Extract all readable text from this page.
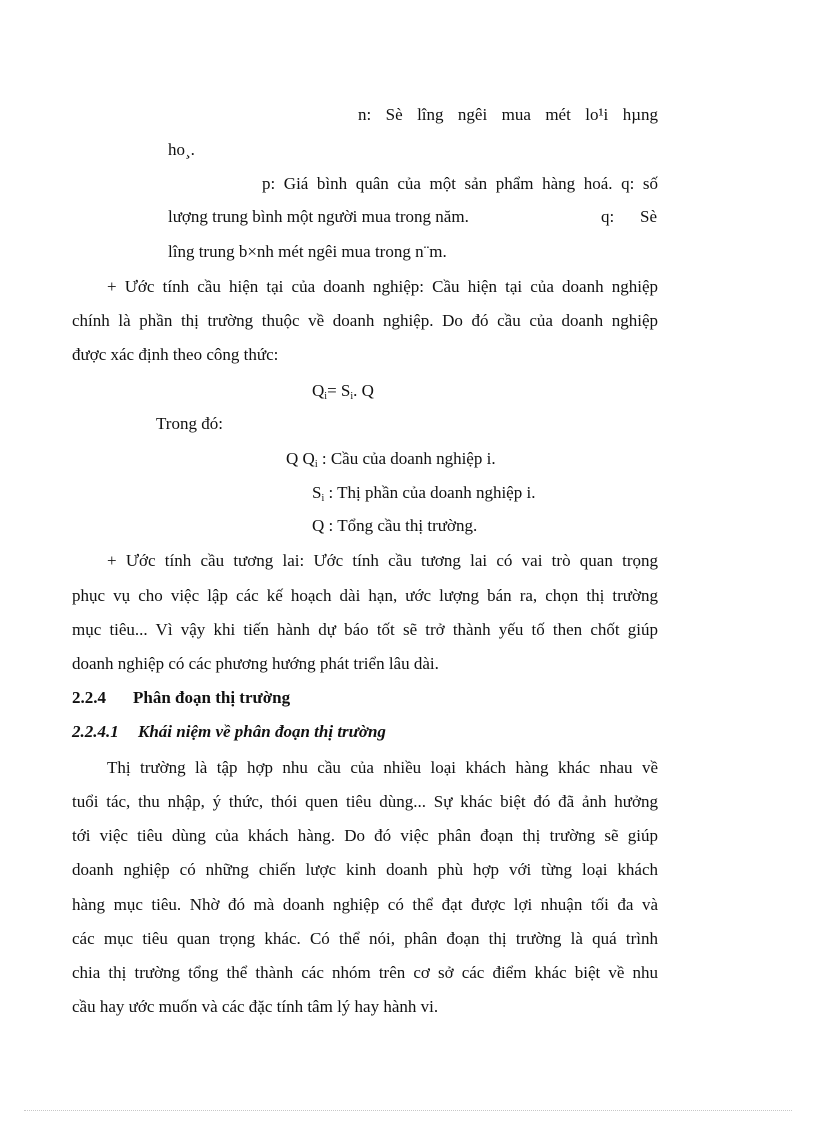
n: Sè lîng ngêi mua mét lo¹i hµng
ho¸.
p: Giá bình quân của một sản phẩm hàng hoá. q: số
lượng trung bình một người mua trong năm.	q: Sè
lîng trung b×nh mét ngêi mua trong n¨m.
+ Ước tính cầu hiện tại của doanh nghiệp: Cầu hiện tại của doanh nghiệp
chính là phần thị trường thuộc về doanh nghiệp. Do đó cầu của doanh nghiệp
được xác định theo công thức:
$Q_i= S_i$. Q
Trong đó:
Q $Q_i$ : Cầu của doanh nghiệp i.
$S_i$ : Thị phần của doanh nghiệp i.
Q : Tổng cầu thị trường.
+ Ước tính cầu tương lai: Ước tính cầu tương lai có vai trò quan trọng
phục vụ cho việc lập các kế hoạch dài hạn, ước lượng bán ra, chọn thị trường
mục tiêu... Vì vậy khi tiến hành dự báo tốt sẽ trở thành yếu tố then chốt giúp
doanh nghiệp có các phương hướng phát triển lâu dài.
2.2.4 Phân đoạn thị trường
2.2.4.1 Khái niệm về phân đoạn thị trường
Thị trường là tập hợp nhu cầu của nhiều loại khách hàng khác nhau về
tuổi tác, thu nhập, ý thức, thói quen tiêu dùng... Sự khác biệt đó đã ảnh hưởng
tới việc tiêu dùng của khách hàng. Do đó việc phân đoạn thị trường sẽ giúp
doanh nghiệp có những chiến lược kinh doanh phù hợp với từng loại khách
hàng mục tiêu. Nhờ đó mà doanh nghiệp có thể đạt được lợi nhuận tối đa và
các mục tiêu quan trọng khác. Có thể nói, phân đoạn thị trường là quá trình
chia thị trường tổng thể thành các nhóm trên cơ sở các điểm khác biệt về nhu
cầu hay ước muốn và các đặc tính tâm lý hay hành vi.
